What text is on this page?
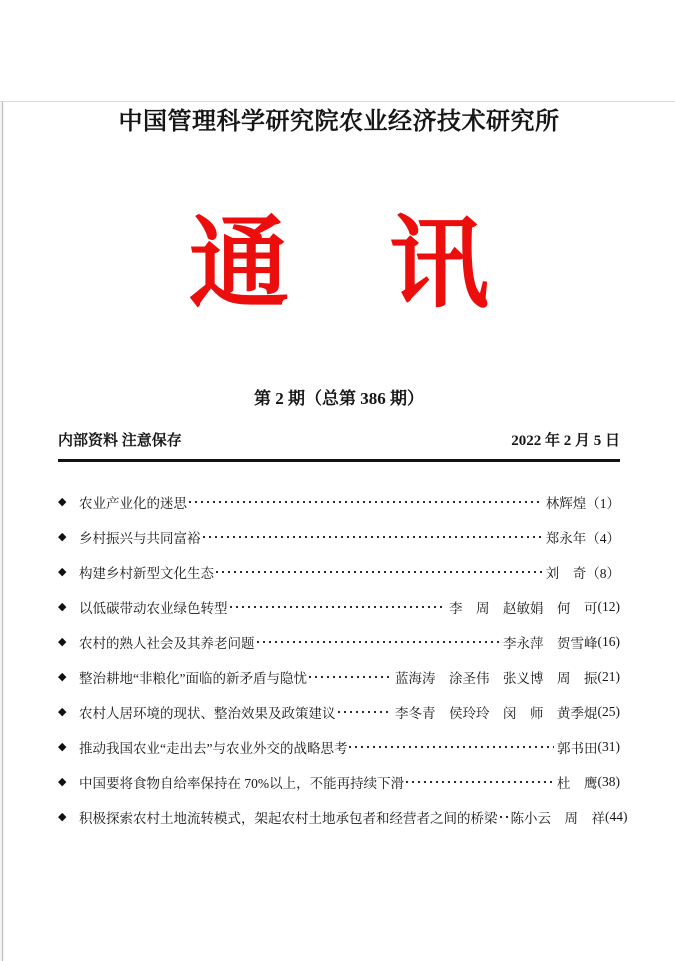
中国管理科学研究院农业经济技术研究所
通　讯
第 2 期（总第 386 期）
内部资料 注意保存	2022 年 2 月 5 日
◆ 农业产业化的迷思	林辉煌 （1）
◆ 乡村振兴与共同富裕	郑永年 （4）
◆ 构建乡村新型文化生态	刘　奇 （8）
◆ 以低碳带动农业绿色转型	李　周　赵敏娟　何　可 (12)
◆ 农村的熟人社会及其养老问题	李永萍　贺雪峰 (16)
◆ 整治耕地“非粮化”面临的新矛盾与隐忧	蓝海涛　涂圣伟　张义博　周　振 (21)
◆ 农村人居环境的现状、整治效果及政策建议	李冬青　侯玲玲　闵　师　黄季焜 (25)
◆ 推动我国农业“走出去”与农业外交的战略思考	郭书田 (31)
◆ 中国要将食物自给率保持在 70%以上，不能再持续下滑	杜　鹰 (38)
◆ 积极探索农村土地流转模式，架起农村土地承包者和经营者之间的桥梁 陈小云　周　祥 (44)
